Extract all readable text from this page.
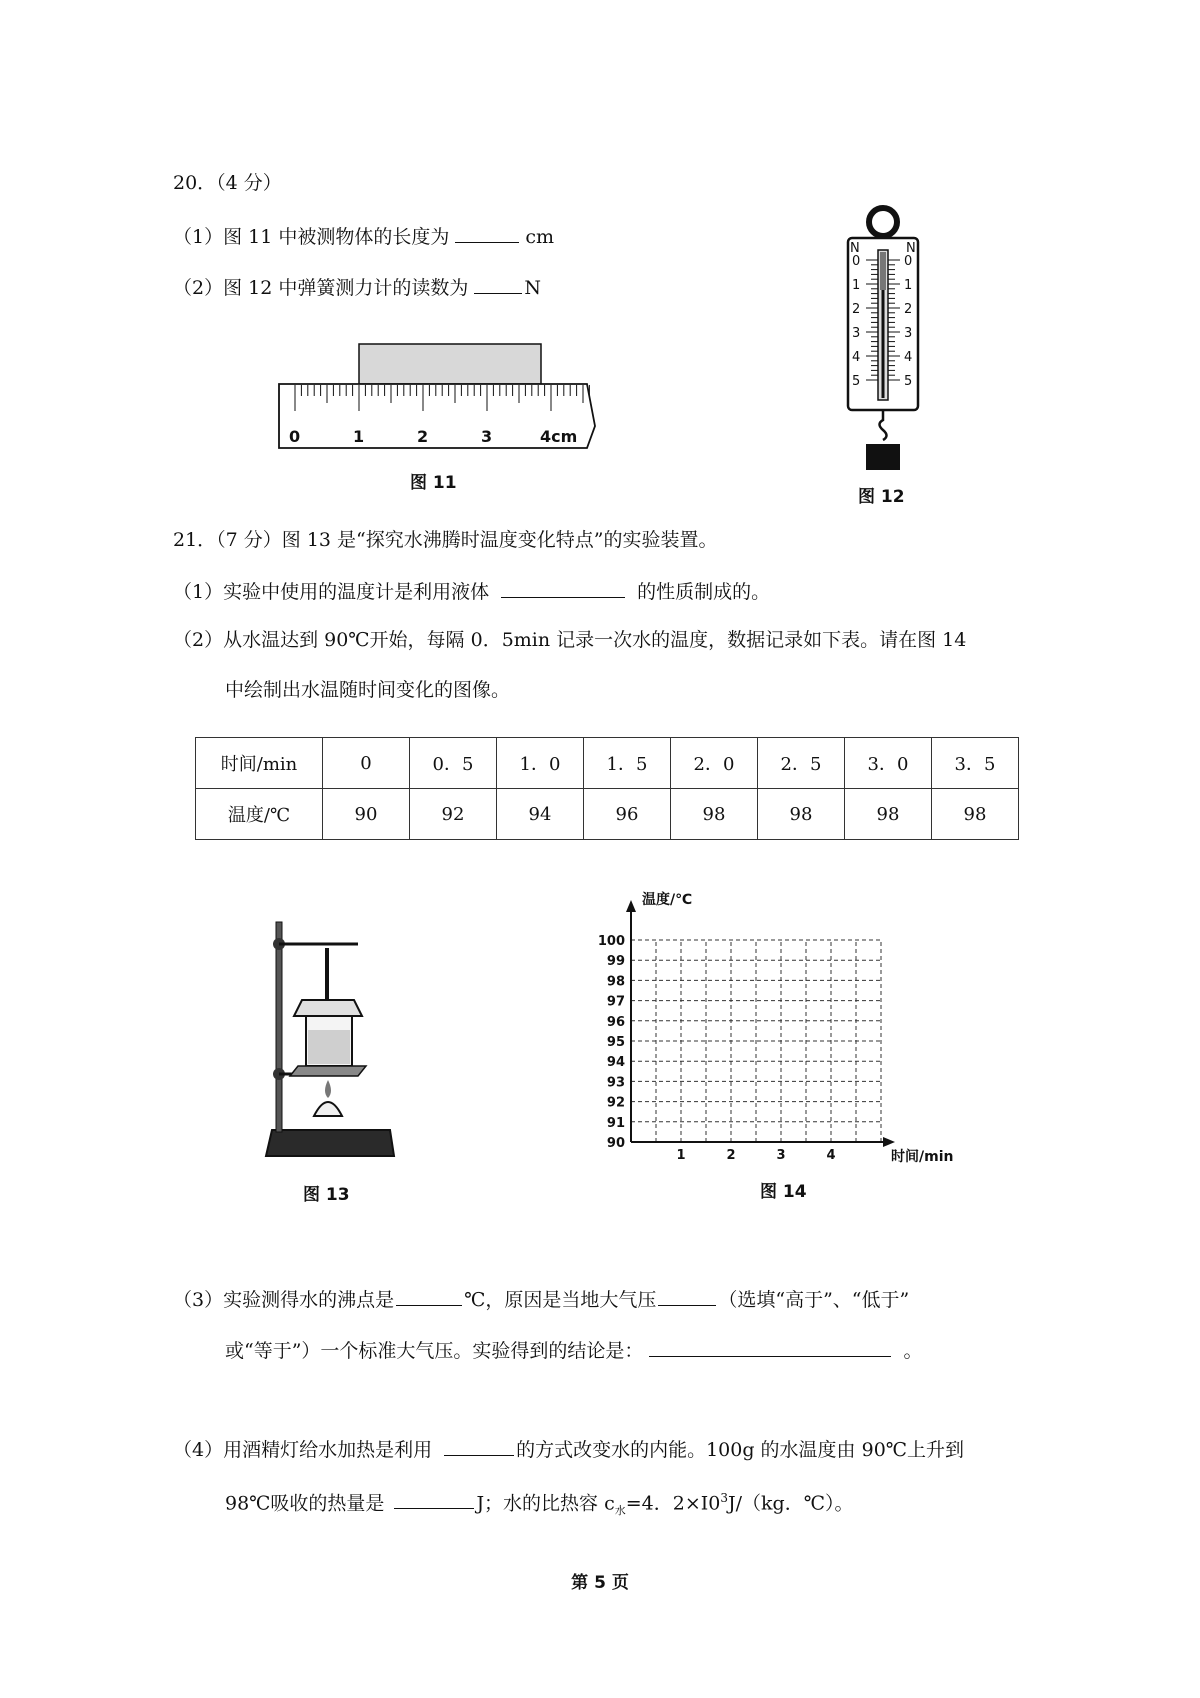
20．（4 分）
（1）图 11 中被测物体的长度为	cm
（2）图 12 中弹簧测力计的读数为	N
0	1	2	3	4cm
图 11
N	N
0	0
1	1
2	2
3	3
4	4
5	5
图 12
21．（7 分）图 13 是“探究水沸腾时温度变化特点”的实验装置。
（1）实验中使用的温度计是利用液体	的性质制成的。
（2）从水温达到 90℃开始，每隔 0．5min 记录一次水的温度，数据记录如下表。请在图 14
中绘制出水温随时间变化的图像。
时间/min	0	0．5	1．0	1．5	2．0	2．5	3．0	3．5
温度/℃	90	92	94	96	98	98	98	98
图 13
90
91
92
93
94
95
96
97
98
99
100
1	2	3	4
温度/℃
时间/min
图 14
（3）实验测得水的沸点是	℃，原因是当地大气压	（选填“高于”、“低于”
或“等于”）一个标准大气压。实验得到的结论是：	。
（4）用酒精灯给水加热是利用	的方式改变水的内能。100g 的水温度由 90℃上升到
98℃吸收的热量是	J；水的比热容 $c_水=4$．$2\times I0^3J/(kg$．℃）。
第 5 页
